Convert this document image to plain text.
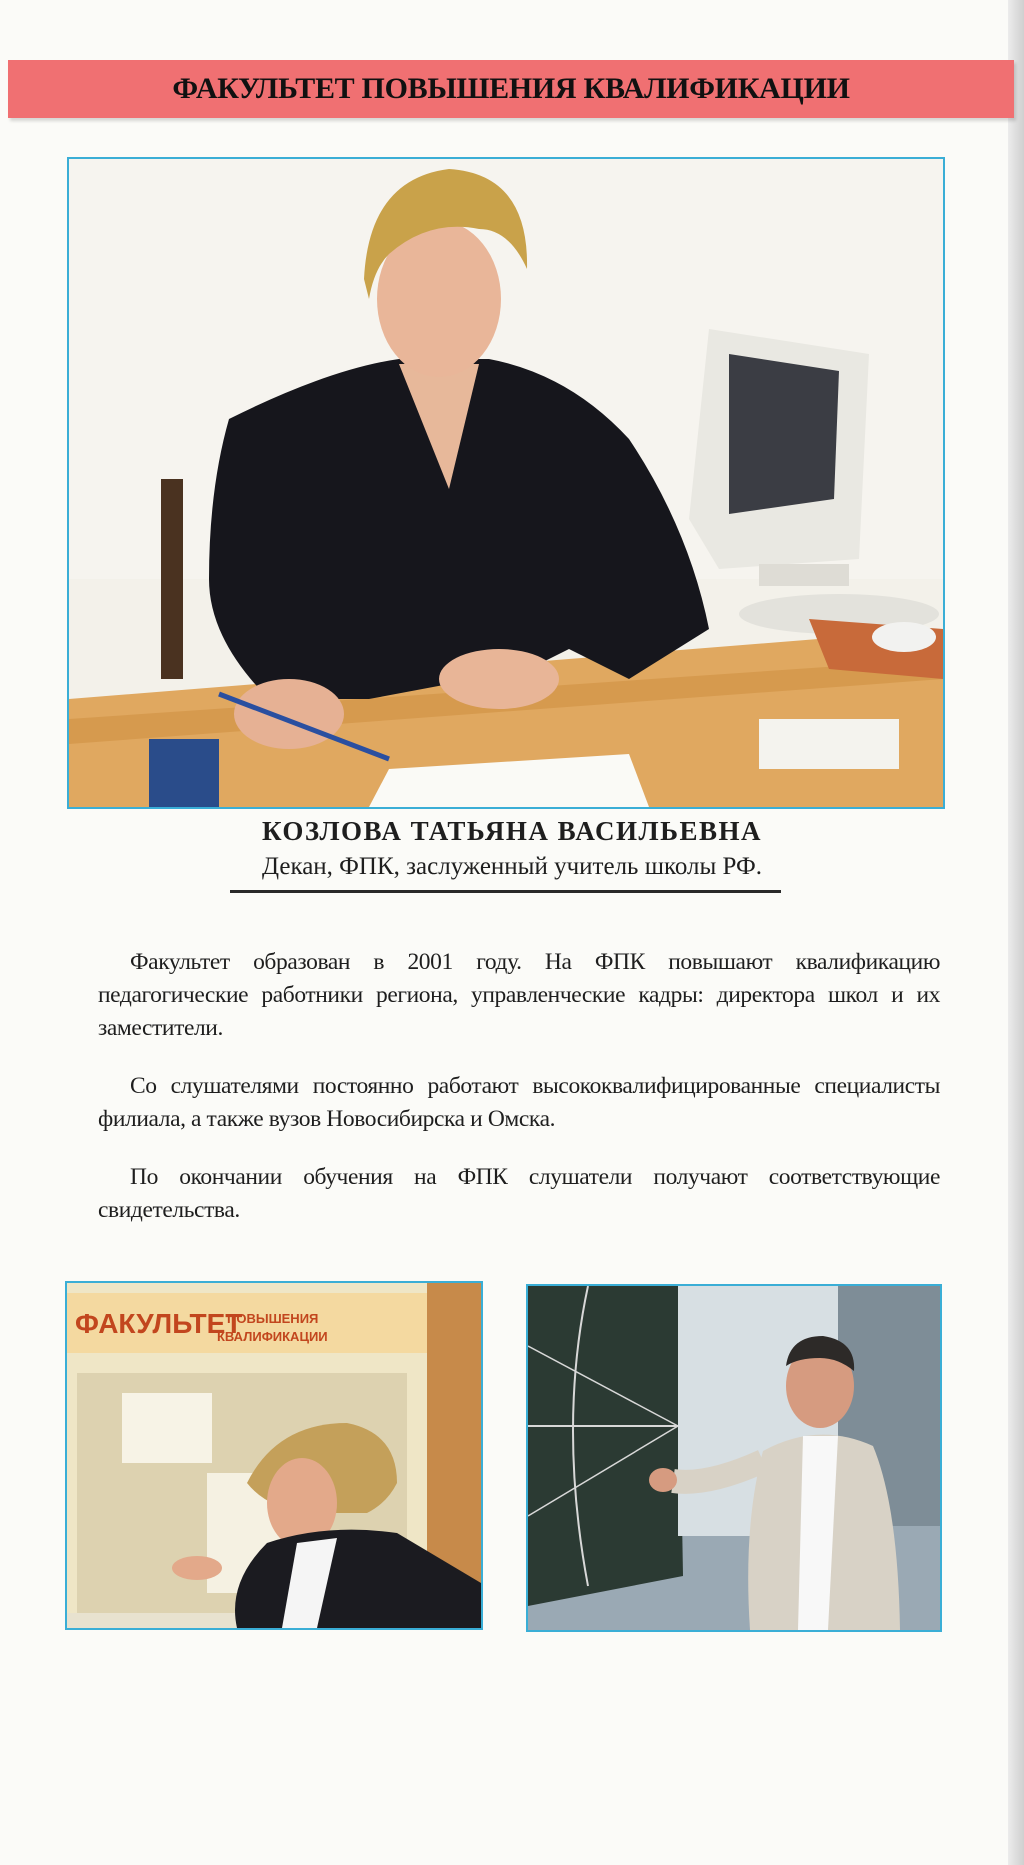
ФАКУЛЬТЕТ ПОВЫШЕНИЯ КВАЛИФИКАЦИИ
КОЗЛОВА ТАТЬЯНА ВАСИЛЬЕВНА
Декан, ФПК, заслуженный учитель школы РФ.

Факультет образован в 2001 году. На ФПК повышают квалификацию педагогические работники региона, управленческие кадры: директора школ и их заместители.

Со слушателями постоянно работают высококвалифицированные специалисты филиала, а также вузов Новосибирска и Омска.

По окончании обучения на ФПК слушатели получают соответствующие свидетельства.

ФАКУЛЬТЕТ
ПОВЫШЕНИЯ
КВАЛИФИКАЦИИ
